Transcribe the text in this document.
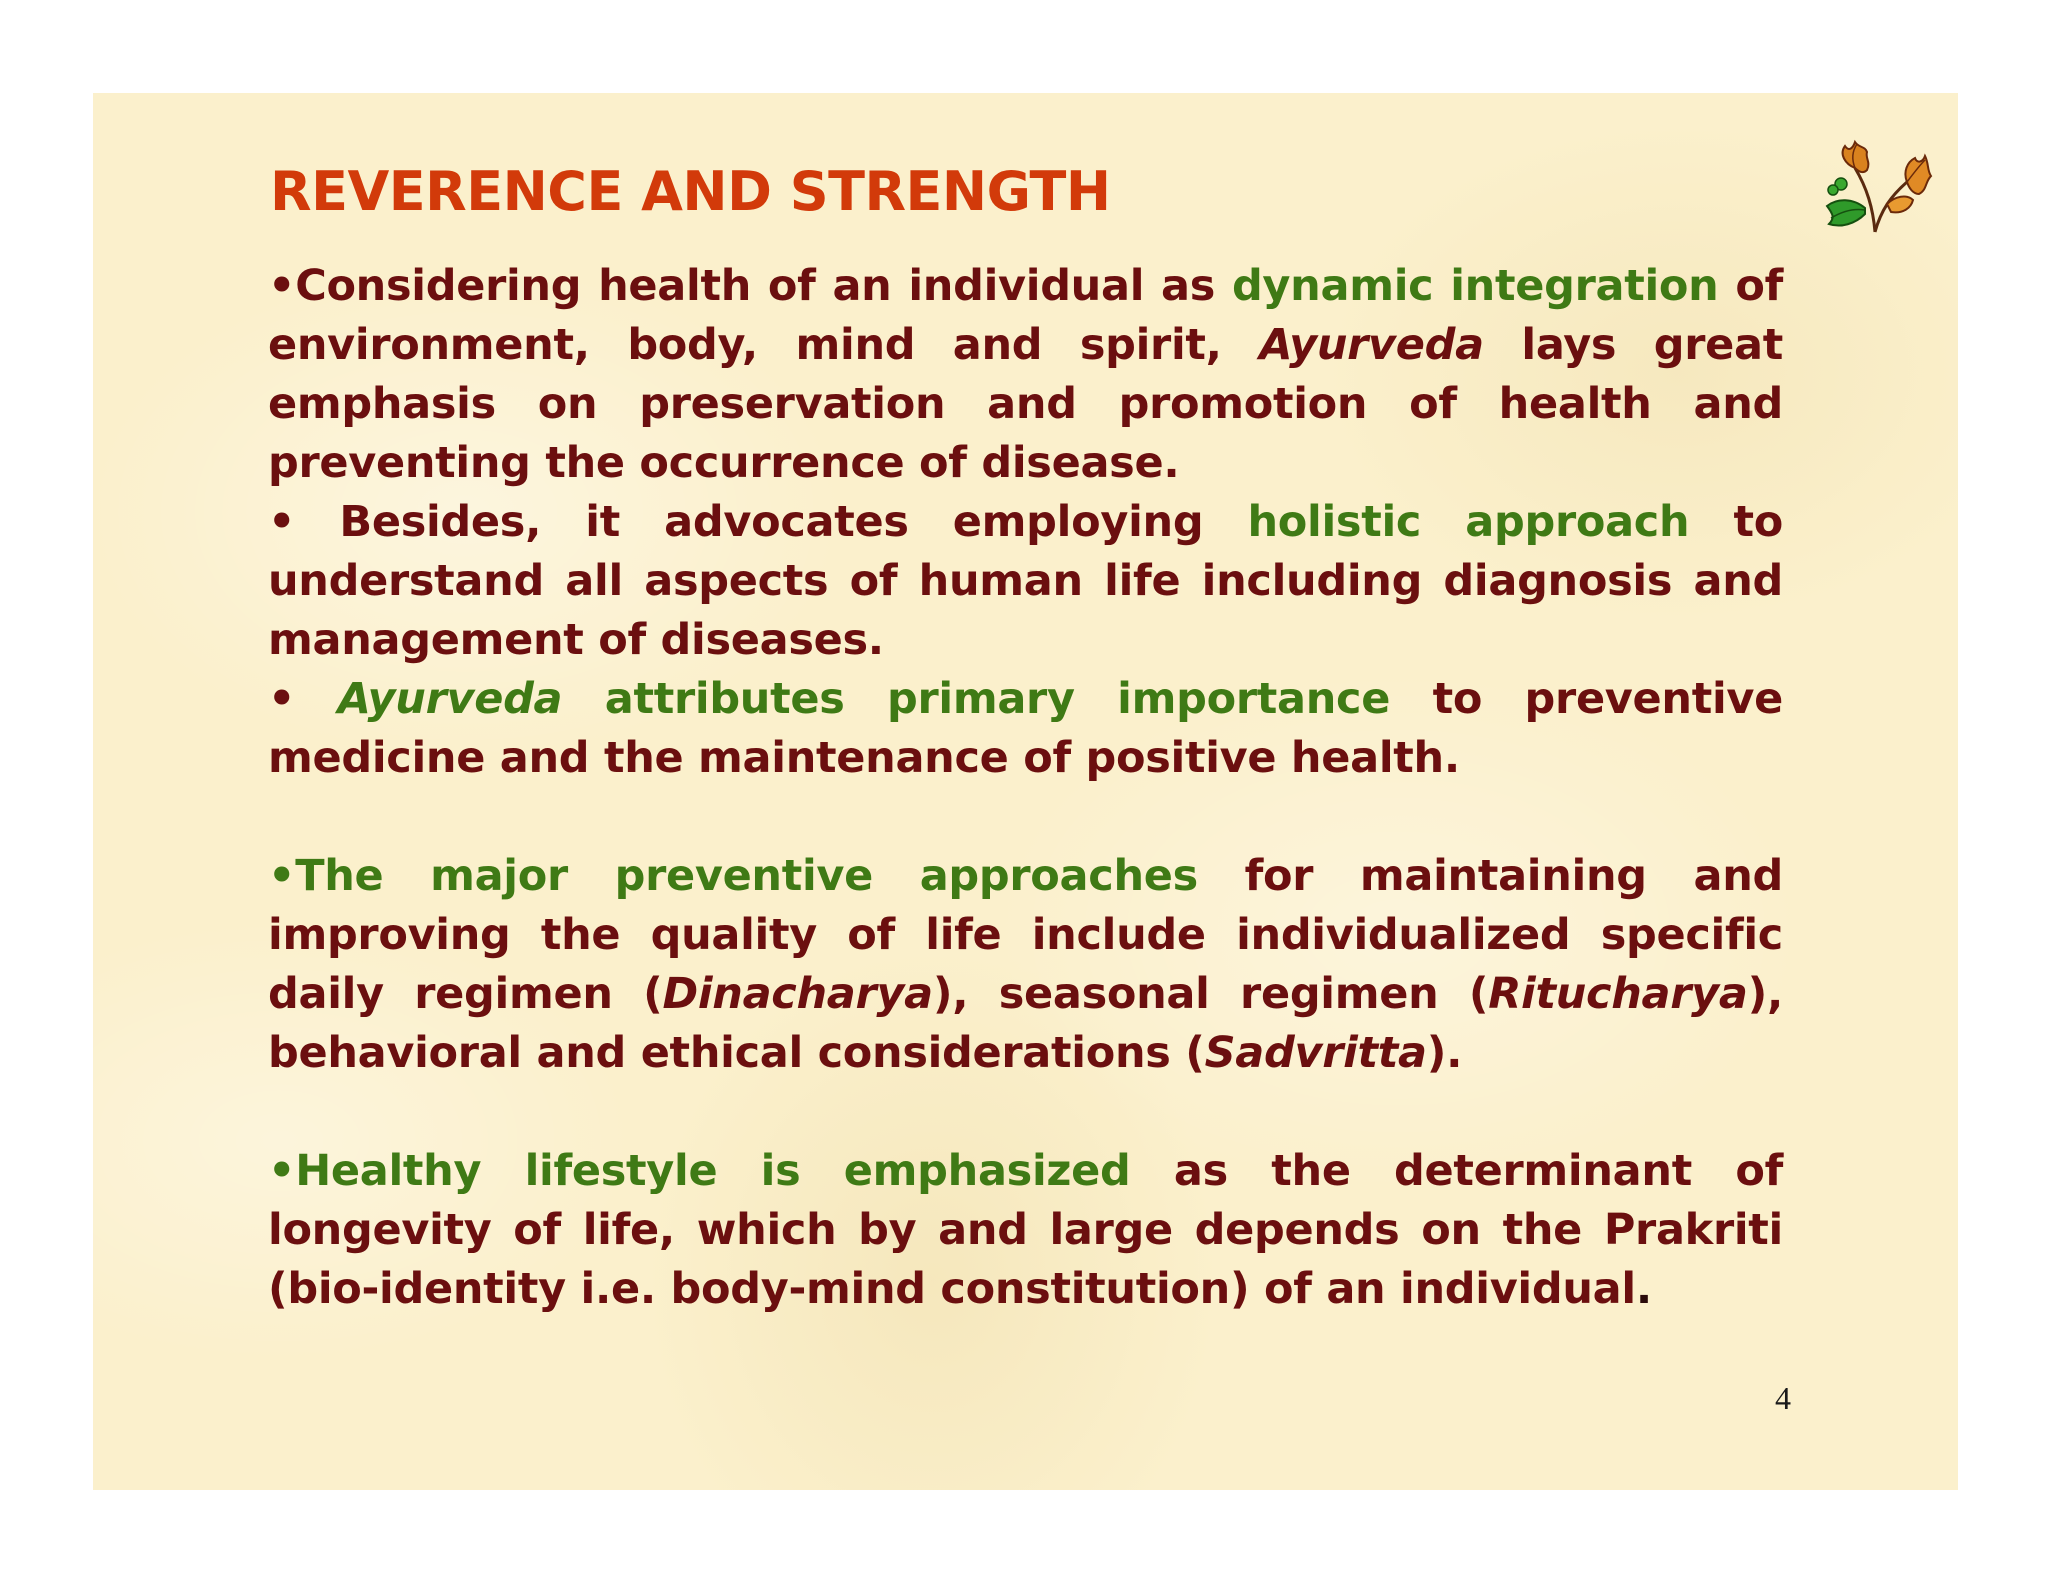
REVERENCE AND STRENGTH

•Considering health of an individual as dynamic integration of environment, body, mind and spirit, Ayurveda lays great emphasis on preservation and promotion of health and preventing the occurrence of disease.

• Besides, it advocates employing holistic approach to understand all aspects of human life including diagnosis and management of diseases.

• Ayurveda attributes primary importance to preventive medicine and the maintenance of positive health.

•The major preventive approaches for maintaining and improving the quality of life include individualized specific daily regimen (Dinacharya), seasonal regimen (Ritucharya), behavioral and ethical considerations (Sadvritta).

•Healthy lifestyle is emphasized as the determinant of longevity of life, which by and large depends on the Prakriti (bio-identity i.e. body-mind constitution) of an individual.

4
